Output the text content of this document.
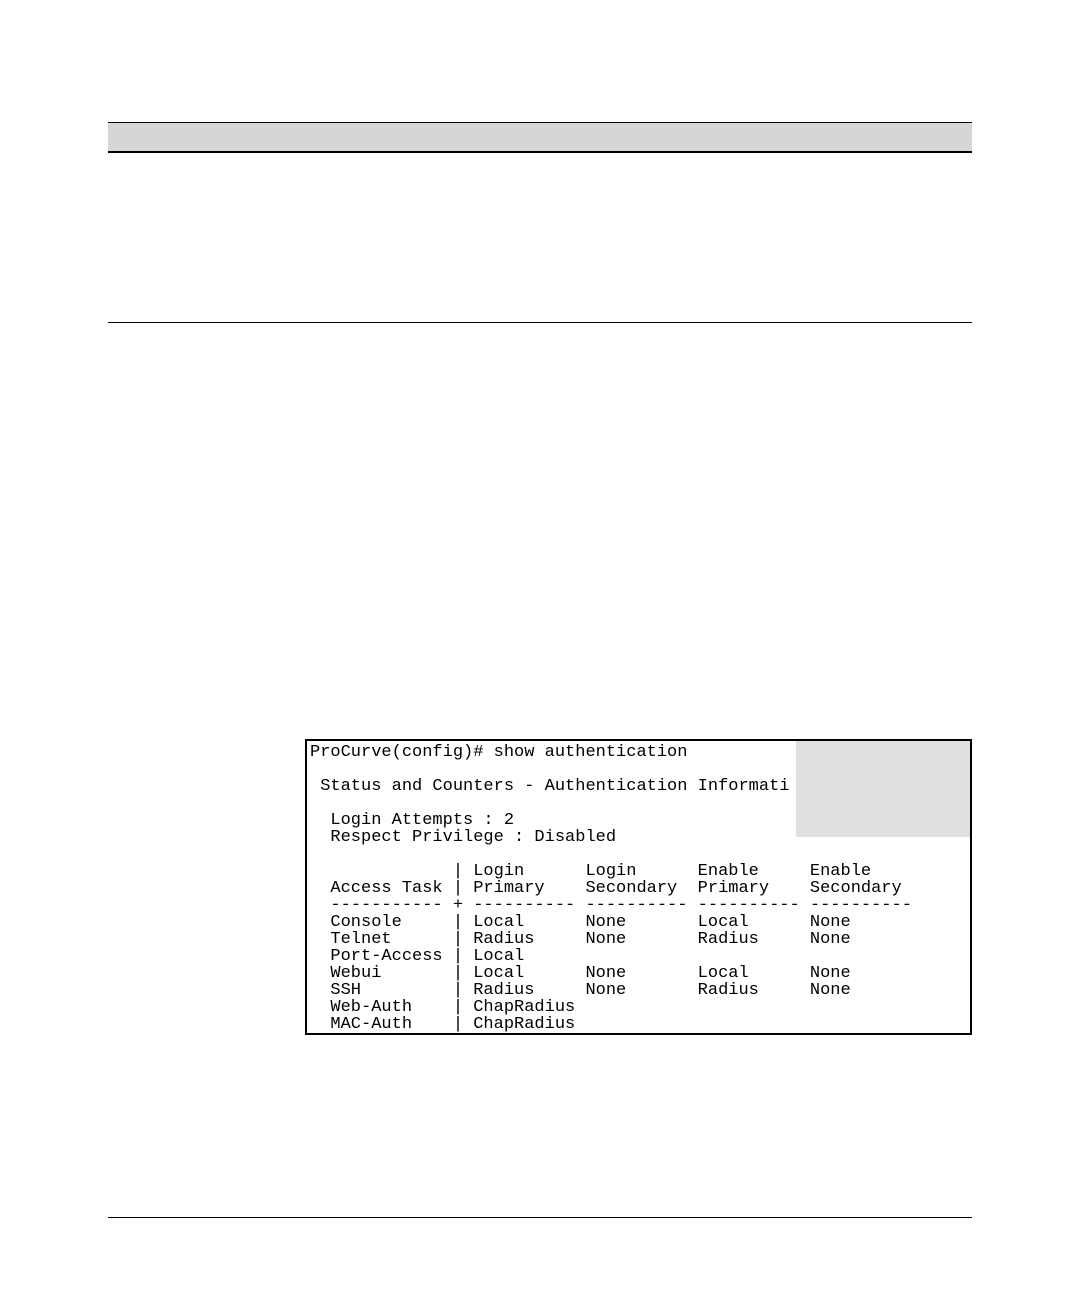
ProCurve(config)# show authentication
Status and Counters - Authentication Informati
Login Attempts : 2
Respect Privilege : Disabled
| Login      Login      Enable     Enable
Access Task | Primary    Secondary  Primary    Secondary
----------- + ---------- ---------- ---------- ----------
Console     | Local      None       Local      None
Telnet      | Radius     None       Radius     None
Port-Access | Local
Webui       | Local      None       Local      None
SSH         | Radius     None       Radius     None
Web-Auth    | ChapRadius
MAC-Auth    | ChapRadius
